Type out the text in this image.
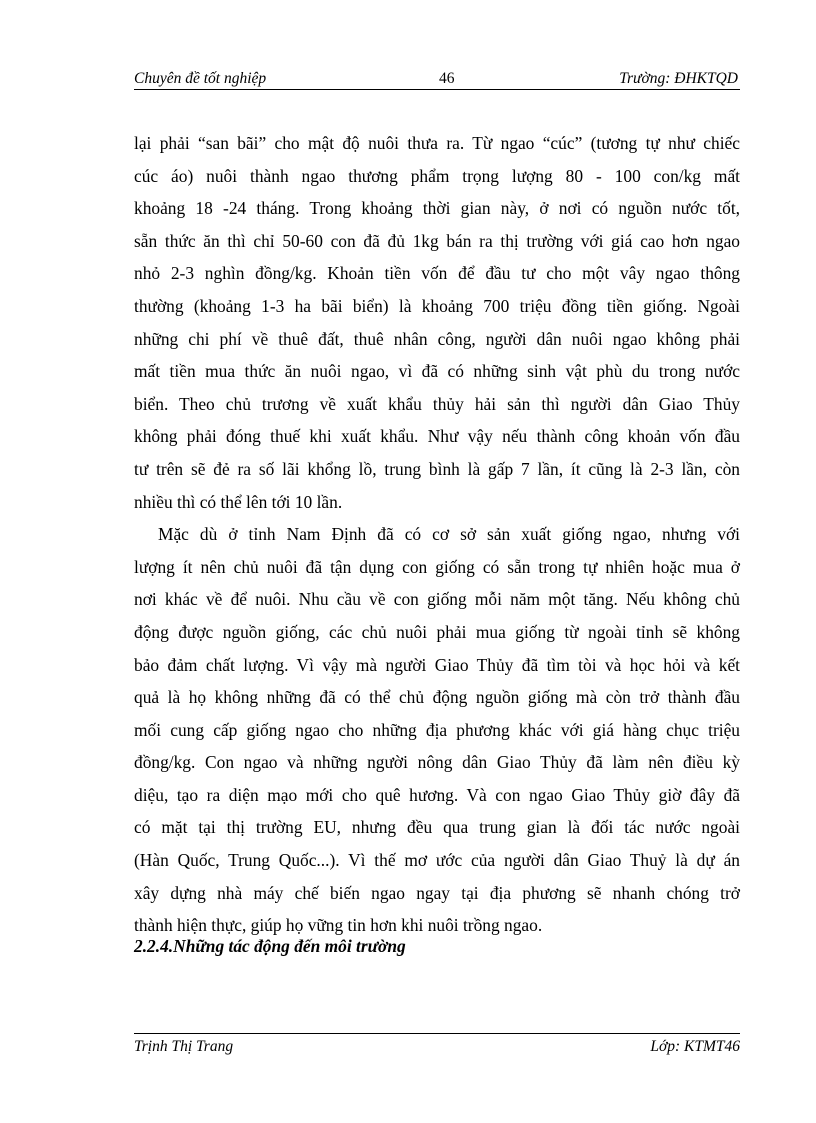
Chuyên đề tốt nghiệp	46	Trường: ĐHKTQD

lại phải “san bãi” cho mật độ nuôi thưa ra. Từ ngao “cúc” (tương tự như chiếc

cúc áo) nuôi thành ngao thương phẩm trọng lượng 80 - 100 con/kg mất

khoảng 18 -24 tháng. Trong khoảng thời gian này, ở nơi có nguồn nước tốt,

sẵn thức ăn thì chỉ 50-60 con đã đủ 1kg bán ra thị trường với giá cao hơn ngao

nhỏ 2-3 nghìn đồng/kg. Khoản tiền vốn để đầu tư cho một vây ngao thông

thường (khoảng 1-3 ha bãi biển) là khoảng 700 triệu đồng tiền giống. Ngoài

những chi phí về thuê đất, thuê nhân công, người dân nuôi ngao không phải

mất tiền mua thức ăn nuôi ngao, vì đã có những sinh vật phù du trong nước

biển. Theo chủ trương về xuất khẩu thủy hải sản thì người dân Giao Thủy

không phải đóng thuế khi xuất khẩu. Như vậy nếu thành công khoản vốn đầu

tư trên sẽ đẻ ra số lãi khổng lồ, trung bình là gấp 7 lần, ít cũng là 2-3 lần, còn

nhiều thì có thể lên tới 10 lần.

Mặc dù ở tỉnh Nam Định đã có cơ sở sản xuất giống ngao, nhưng với

lượng ít nên chủ nuôi đã tận dụng con giống có sẵn trong tự nhiên hoặc mua ở

nơi khác về để nuôi. Nhu cầu về con giống mỗi năm một tăng. Nếu không chủ

động được nguồn giống, các chủ nuôi phải mua giống từ ngoài tỉnh sẽ không

bảo đảm chất lượng. Vì vậy mà người Giao Thủy đã tìm tòi và học hỏi và kết

quả là họ không những đã có thể chủ động nguồn giống mà còn trở thành đầu

mối cung cấp giống ngao cho những địa phương khác với giá hàng chục triệu

đồng/kg. Con ngao và những người nông dân Giao Thủy đã làm nên điều kỳ

diệu, tạo ra diện mạo mới cho quê hương. Và con ngao Giao Thủy giờ đây đã

có mặt tại thị trường EU, nhưng đều qua trung gian là đối tác nước ngoài

(Hàn Quốc, Trung Quốc...). Vì thế mơ ước của người dân Giao Thuỷ là dự án

xây dựng nhà máy chế biến ngao ngay tại địa phương sẽ nhanh chóng trở

thành hiện thực, giúp họ vững tin hơn khi nuôi trồng ngao.

2.2.4.Những tác động đến môi trường
Trịnh Thị Trang	Lớp: KTMT46
